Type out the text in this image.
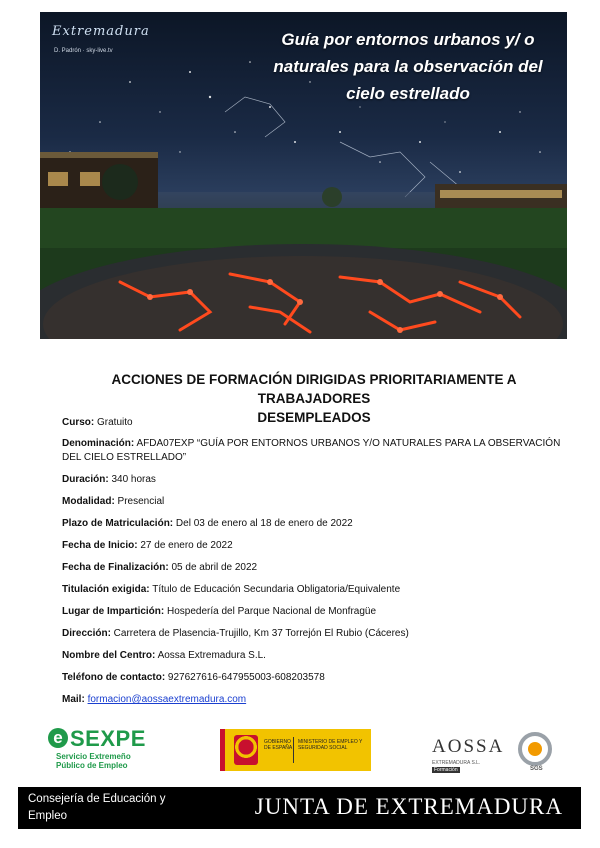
Extremadura
D. Padrón · sky-live.tv
Guía por entornos urbanos y/ o
naturales para la observación del
cielo estrellado
ACCIONES DE FORMACIÓN DIRIGIDAS PRIORITARIAMENTE A TRABAJADORES
DESEMPLEADOS
Curso: Gratuito
Denominación: AFDA07EXP “GUÍA POR ENTORNOS URBANOS Y/O NATURALES PARA LA OBSERVACIÓN DEL CIELO ESTRELLADO”
Duración: 340 horas
Modalidad: Presencial
Plazo de Matriculación: Del 03 de enero al 18 de enero de 2022
Fecha de Inicio: 27 de enero de 2022
Fecha de Finalización: 05 de abril de 2022
Titulación exigida: Título de Educación Secundaria Obligatoria/Equivalente
Lugar de Impartición: Hospedería del Parque Nacional de Monfragüe
Dirección: Carretera de Plasencia-Trujillo, Km 37 Torrejón El Rubio (Cáceres)
Nombre del Centro: Aossa Extremadura S.L.
Teléfono de contacto: 927627616-647955003-608203578
Mail: formacion@aossaextremadura.com
e SEXPE
Servicio Extremeño
Público de Empleo
GOBIERNO DE ESPAÑA
MINISTERIO DE EMPLEO Y SEGURIDAD SOCIAL	AOSSA
EXTREMADURA S.L.
Formación	SGS
Consejería de Educación y
Empleo	JUNTA DE EXTREMADURA
